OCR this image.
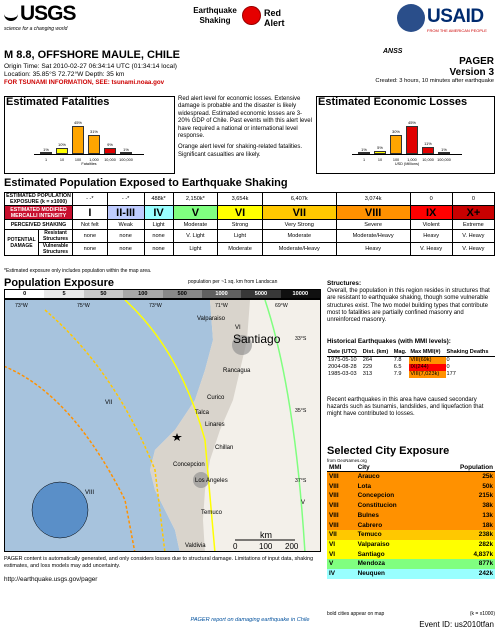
USGS
science for a changing world
Earthquake
Shaking
Red
Alert
ANSS
USAID
FROM THE AMERICAN PEOPLE
M 8.8, OFFSHORE MAULE, CHILE
Origin Time: Sat 2010-02-27 06:34:14 UTC (01:34:14 local)
Location: 35.85°S 72.72°W Depth: 35 km
FOR TSUNAMI INFORMATION, SEE: tsunami.noaa.gov
PAGER
Version 3
Created: 3 hours, 10 minutes after earthquake
Estimated Fatalities
1%
1
10%
10
45%
100
31%
1,000
9%
10,000
1%
100,000
Fatalities

Red alert level for economic losses. Extensive damage is probable and the disaster is likely widespread. Estimated economic losses are 3-20% GDP of Chile. Past events with this alert level have required a national or international level response.

Orange alert level for shaking-related fatalities. Significant casualties are likely.

Estimated Economic Losses
1%
1
5%
10
30%
100
45%
1,000
11%
10,000
1%
100,000
USD (Millions)
Estimated Population Exposed to Earthquake Shaking
ESTIMATED POPULATION EXPOSURE (k = x1000)		- -*	- -*	488k*	2,150k*	3,654k	6,407k	3,074k	0	0
ESTIMATED MODIFIED MERCALLI INTENSITY		I	II-III	IV	V	VI	VII	VIII	IX	X+
PERCEIVED SHAKING		Not felt	Weak	Light	Moderate	Strong	Very Strong	Severe	Violent	Extreme
POTENTIAL DAMAGE	Resistant Structures	none	none	none	V. Light	Light	Moderate	Moderate/Heavy	Heavy	V. Heavy
	Vulnerable Structures	none	none	none	Light	Moderate	Moderate/Heavy	Heavy	V. Heavy	V. Heavy
*Estimated exposure only includes population within the map area.
Population Exposure	population per ~1 sq. km from Landscan
0	5	50	100	500	1000	5000	10000
73°W	75°W	73°W	71°W	69°W
33°S
35°S
37°S
Valparaiso
Santiago
Rancagua
Curico
Talca
Linares
Concepcion
Los Angeles
Temuco
Valdivia
Chillan
VIII
VII
VI
V
km
0	100 200
PAGER content is automatically generated, and only considers losses due to structural damage. Limitations of input data, shaking estimates, and loss models may add uncertainty.
http://earthquake.usgs.gov/pager
PAGER report on damaging earthquake in Chile
Structures:
Overall, the population in this region resides in structures that are resistant to earthquake shaking, though some vulnerable structures exist. The two model building types that contribute most to fatalities are partially confined masonry and unreinforced masonry.
Historical Earthquakes (with MMI levels):
Date (UTC)	Dist. (km)	Mag.	Max MMI(#)	Shaking Deaths
1975-05-10	264	7.8	VIII(69k)	0
2004-08-28	229	6.5	IX(244)	0
1985-03-03	313	7.9	VIII(7,023k)	177
Recent earthquakes in this area have caused secondary hazards such as tsunamis, landslides, and liquefaction that might have contributed to losses.
Selected City Exposure
from GeoNames.org
MMI	City	Population
VIII	Arauco	25k
VIII	Lota	50k
VIII	Concepcion	215k
VIII	Constitucion	38k
VIII	Bulnes	13k
VIII	Cabrero	18k
VII	Temuco	238k
VI	Valparaiso	282k
VI	Santiago	4,837k
V	Mendoza	877k
IV	Neuquen	242k
bold cities appear on map	(k = x1000)
Event ID: us2010tfan
